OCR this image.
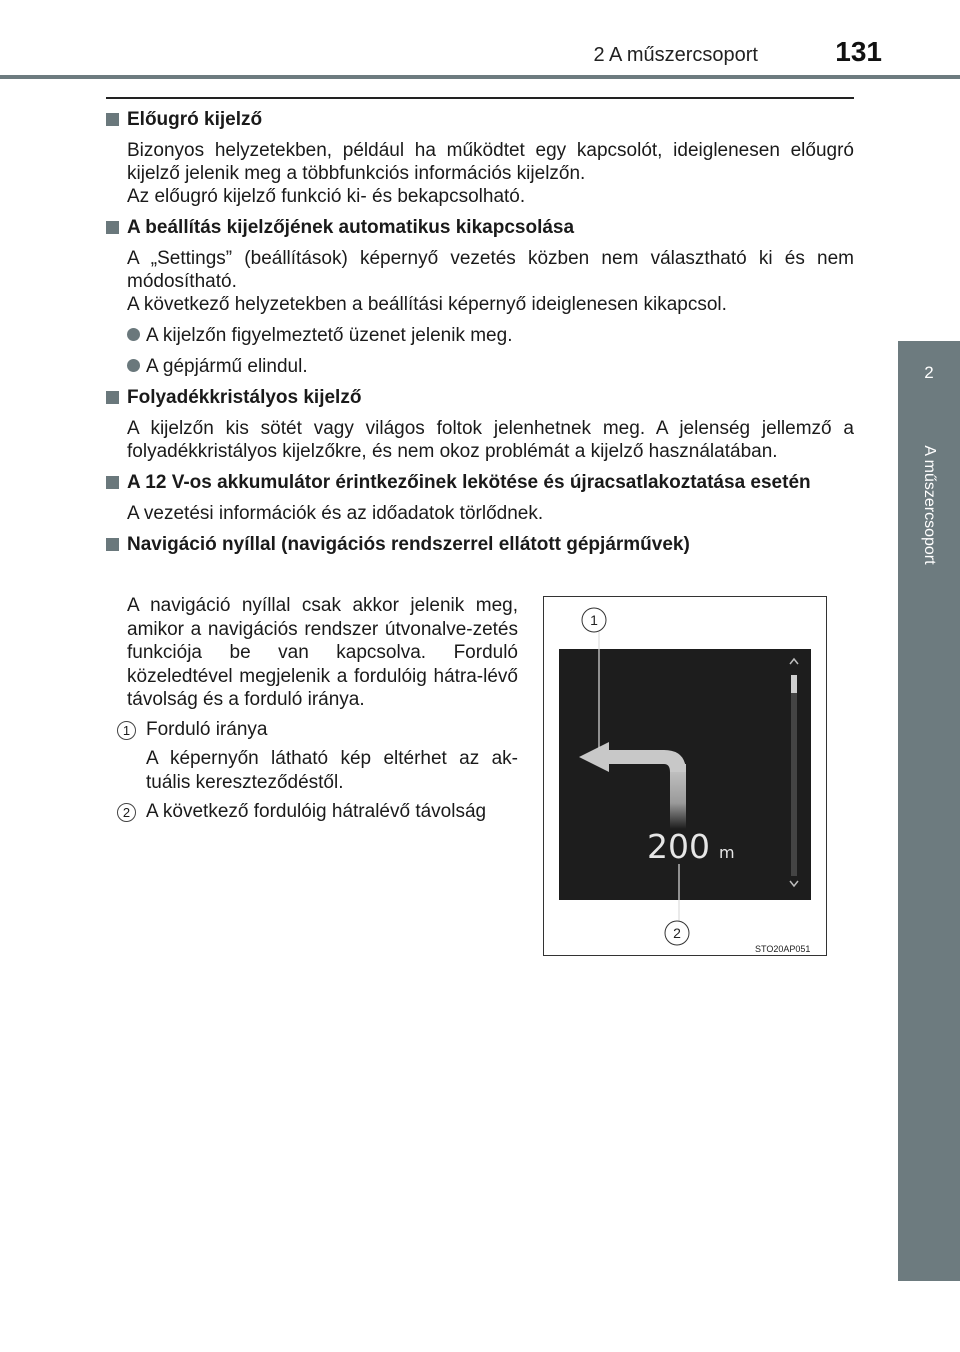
2 A műszercsoport	131
2
A műszercsoport
Előugró kijelző
Bizonyos helyzetekben, például ha működtet egy kapcsolót, ideiglenesen előugró kijelző jelenik meg a többfunkciós információs kijelzőn.
Az előugró kijelző funkció ki- és bekapcsolható.
A beállítás kijelzőjének automatikus kikapcsolása
A „Settings” (beállítások) képernyő vezetés közben nem választható ki és nem módosítható.
A következő helyzetekben a beállítási képernyő ideiglenesen kikapcsol.
A kijelzőn figyelmeztető üzenet jelenik meg.
A gépjármű elindul.
Folyadékkristályos kijelző
A kijelzőn kis sötét vagy világos foltok jelenhetnek meg. A jelenség jellemző a folyadékkristályos kijelzőkre, és nem okoz problémát a kijelző használatában.
A 12 V-os akkumulátor érintkezőinek lekötése és újracsatlakoztatása esetén
A vezetési információk és az időadatok törlődnek.
Navigáció nyíllal (navigációs rendszerrel ellátott gépjárművek)

A navigáció nyíllal csak akkor jelenik meg, amikor a navigációs rendszer útvonalve-zetés funkciója be van kapcsolva. Forduló közeledtével megjelenik a fordulóig hátra-lévő távolság és a forduló iránya.

1 Forduló iránya

A képernyőn látható kép eltérhet az ak-tuális kereszteződéstől.

2 A következő fordulóig hátralévő távolság
200 m
1
2
STO20AP051
